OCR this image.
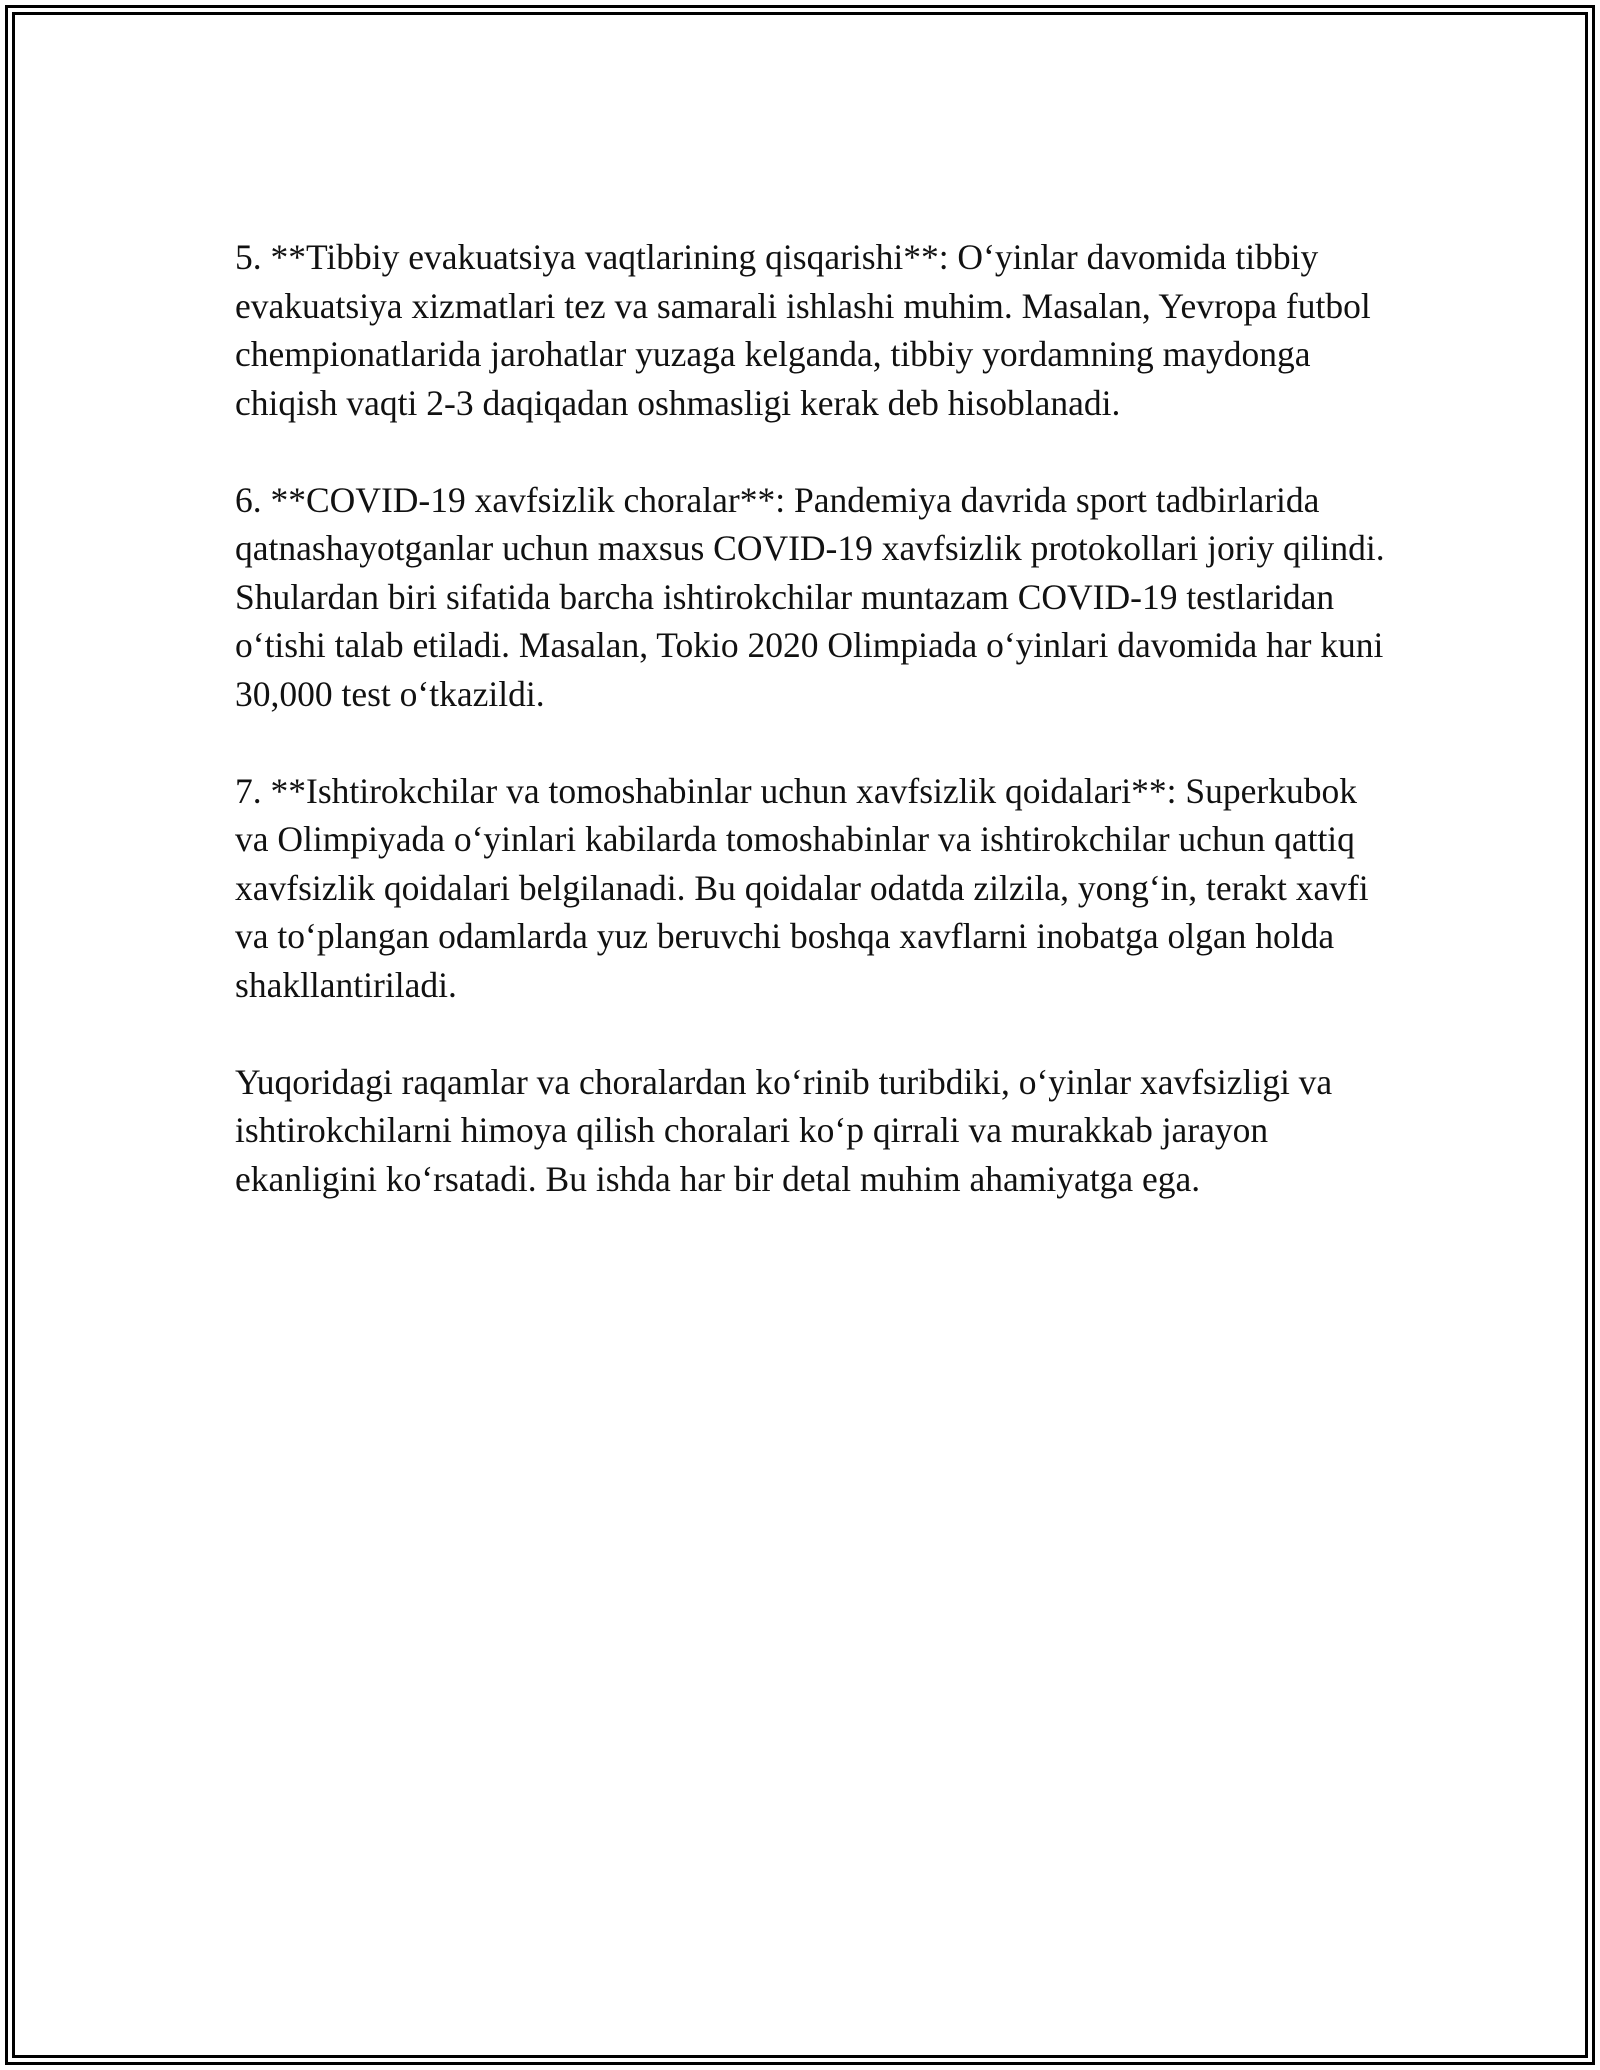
5. **Tibbiy evakuatsiya vaqtlarining qisqarishi**: O‘yinlar davomida tibbiy evakuatsiya xizmatlari tez va samarali ishlashi muhim. Masalan, Yevropa futbol chempionatlarida jarohatlar yuzaga kelganda, tibbiy yordamning maydonga chiqish vaqti 2-3 daqiqadan oshmasligi kerak deb hisoblanadi.

6. **COVID-19 xavfsizlik choralar**: Pandemiya davrida sport tadbirlarida qatnashayotganlar uchun maxsus COVID-19 xavfsizlik protokollari joriy qilindi. Shulardan biri sifatida barcha ishtirokchilar muntazam COVID-19 testlaridan o‘tishi talab etiladi. Masalan, Tokio 2020 Olimpiada o‘yinlari davomida har kuni 30,000 test o‘tkazildi.

7. **Ishtirokchilar va tomoshabinlar uchun xavfsizlik qoidalari**: Superkubok va Olimpiyada o‘yinlari kabilarda tomoshabinlar va ishtirokchilar uchun qattiq xavfsizlik qoidalari belgilanadi. Bu qoidalar odatda zilzila, yong‘in, terakt xavfi va to‘plangan odamlarda yuz beruvchi boshqa xavflarni inobatga olgan holda shakllantiriladi.

Yuqoridagi raqamlar va choralardan ko‘rinib turibdiki, o‘yinlar xavfsizligi va ishtirokchilarni himoya qilish choralari ko‘p qirrali va murakkab jarayon ekanligini ko‘rsatadi. Bu ishda har bir detal muhim ahamiyatga ega.
